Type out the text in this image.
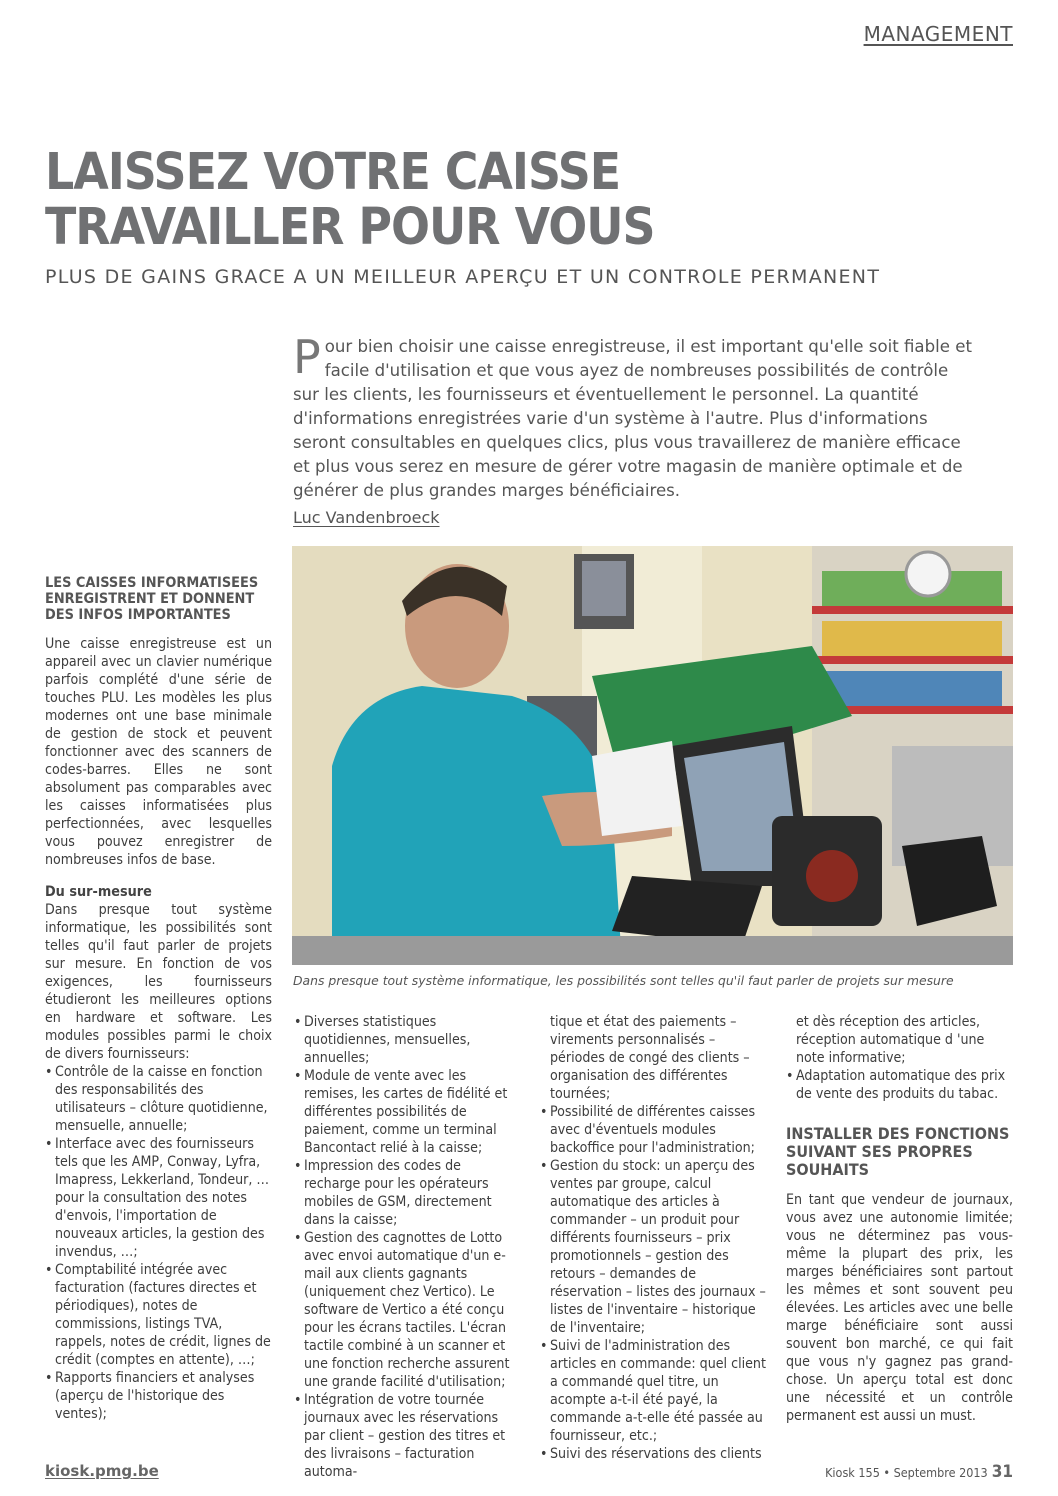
MANAGEMENT
LAISSEZ VOTRE CAISSE
TRAVAILLER POUR VOUS
PLUS DE GAINS GRACE A UN MEILLEUR APERÇU ET UN CONTROLE PERMANENT

Pour bien choisir une caisse enregistreuse, il est important qu'elle soit fiable et facile d'utilisation et que vous ayez de nombreuses possibilités de contrôle sur les clients, les fournisseurs et éventuellement le personnel. La quantité d'informations enregistrées varie d'un système à l'autre. Plus d'informations seront consultables en quelques clics, plus vous travaillerez de manière efficace et plus vous serez en mesure de gérer votre magasin de manière optimale et de générer de plus grandes marges bénéficiaires.

Luc Vandenbroeck
Dans presque tout système informatique, les possibilités sont telles qu'il faut parler de projets sur mesure
LES CAISSES INFORMATISEES ENREGISTRENT ET DONNENT DES INFOS IMPORTANTES

Une caisse enregistreuse est un appareil avec un clavier numérique parfois complété d'une série de touches PLU. Les modèles les plus modernes ont une base minimale de gestion de stock et peuvent fonctionner avec des scanners de codes-barres. Elles ne sont absolument pas comparables avec les caisses informatisées plus perfectionnées, avec lesquelles vous pouvez enregistrer de nombreuses infos de base.

Du sur-mesure

Dans presque tout système informatique, les possibilités sont telles qu'il faut parler de projets sur mesure. En fonction de vos exigences, les fournisseurs étudieront les meilleures options en hardware et software. Les modules possibles parmi le choix de divers fournisseurs:

• Contrôle de la caisse en fonction des responsabilités des utilisateurs – clôture quotidienne, mensuelle, annuelle;
• Interface avec des fournisseurs tels que les AMP, Conway, Lyfra, Imapress, Lekkerland, Tondeur, … pour la consultation des notes d'envois, l'importation de nouveaux articles, la gestion des invendus, …;
• Comptabilité intégrée avec facturation (factures directes et périodiques), notes de commissions, listings TVA, rappels, notes de crédit, lignes de crédit (comptes en attente), …;
• Rapports financiers et analyses (aperçu de l'historique des ventes);
• Diverses statistiques quotidiennes, mensuelles, annuelles;
• Module de vente avec les remises, les cartes de fidélité et différentes possibilités de paiement, comme un terminal Bancontact relié à la caisse;
• Impression des codes de recharge pour les opérateurs mobiles de GSM, directement dans la caisse;
• Gestion des cagnottes de Lotto avec envoi automatique d'un e-mail aux clients gagnants (uniquement chez Vertico). Le software de Vertico a été conçu pour les écrans tactiles. L'écran tactile combiné à un scanner et une fonction recherche assurent une grande facilité d'utilisation;
• Intégration de votre tournée journaux avec les réservations par client – gestion des titres et des livraisons – facturation automa-

tique et état des paiements – virements personnalisés – périodes de congé des clients – organisation des différentes tournées;

• Possibilité de différentes caisses avec d'éventuels modules backoffice pour l'administration;
• Gestion du stock: un aperçu des ventes par groupe, calcul automatique des articles à commander – un produit pour différents fournisseurs – prix promotionnels – gestion des retours – demandes de réservation – listes des journaux – listes de l'inventaire – historique de l'inventaire;
• Suivi de l'administration des articles en commande: quel client a commandé quel titre, un acompte a-t-il été payé, la commande a-t-elle été passée au fournisseur, etc.;
• Suivi des réservations des clients

et dès réception des articles, réception automatique d 'une note informative;

• Adaptation automatique des prix de vente des produits du tabac.
INSTALLER DES FONCTIONS SUIVANT SES PROPRES SOUHAITS

En tant que vendeur de journaux, vous avez une autonomie limitée; vous ne déterminez pas vous-même la plupart des prix, les marges bénéficiaires sont partout les mêmes et sont souvent peu élevées. Les articles avec une belle marge bénéficiaire sont aussi souvent bon marché, ce qui fait que vous n'y gagnez pas grand-chose. Un aperçu total est donc une nécessité et un contrôle permanent est aussi un must.

kiosk.pmg.be	Kiosk 155 • Septembre 2013 31
